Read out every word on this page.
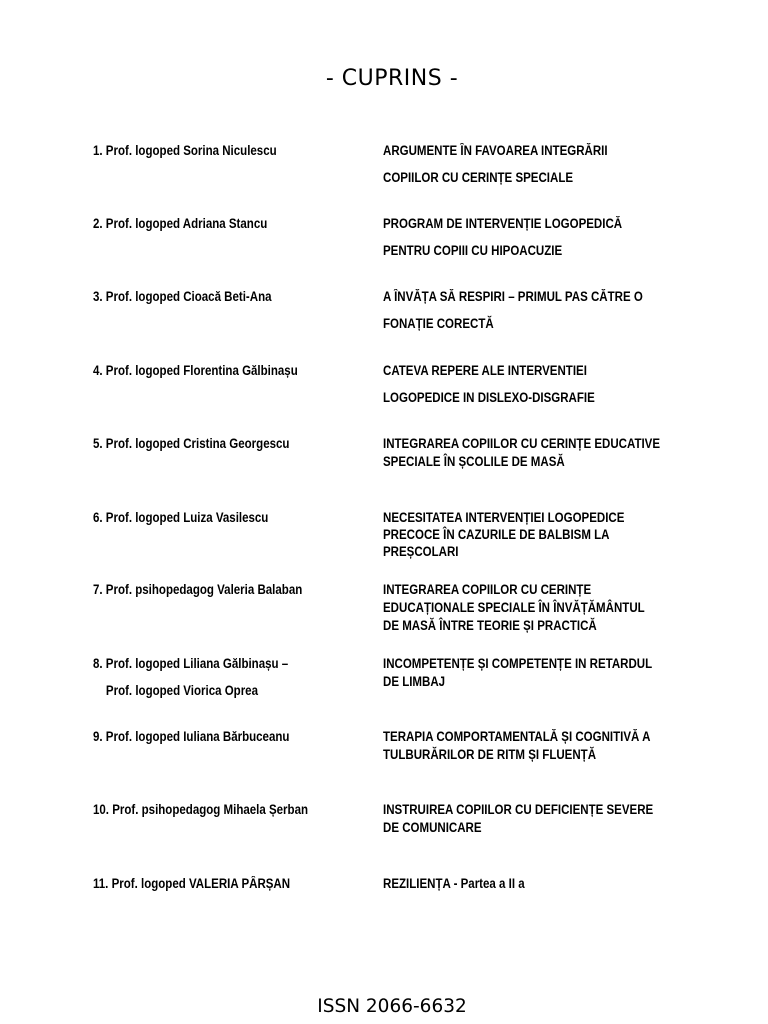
- CUPRINS -
1. Prof. logoped Sorina Niculescu	ARGUMENTE ÎN FAVOAREA INTEGRĂRII
COPIILOR CU CERINȚE SPECIALE
2. Prof. logoped Adriana Stancu	PROGRAM DE INTERVENȚIE LOGOPEDICĂ
PENTRU COPIII CU HIPOACUZIE
3. Prof. logoped Cioacă Beti-Ana	A ÎNVĂȚA SĂ RESPIRI – PRIMUL PAS CĂTRE O
FONAȚIE CORECTĂ
4. Prof. logoped Florentina Gălbinașu	CATEVA REPERE ALE INTERVENTIEI
LOGOPEDICE IN DISLEXO-DISGRAFIE
5. Prof. logoped Cristina Georgescu	INTEGRAREA COPIILOR CU CERINȚE EDUCATIVE
SPECIALE ÎN ȘCOLILE DE MASĂ
6. Prof. logoped Luiza Vasilescu	NECESITATEA INTERVENȚIEI LOGOPEDICE
PRECOCE ÎN CAZURILE DE BALBISM LA
PREȘCOLARI
7. Prof. psihopedagog Valeria Balaban	INTEGRAREA COPIILOR CU CERINȚE
EDUCAȚIONALE SPECIALE ÎN ÎNVĂȚĂMÂNTUL
DE MASĂ ÎNTRE TEORIE ȘI PRACTICĂ
8. Prof. logoped Liliana Gălbinașu –
Prof. logoped Viorica Oprea
INCOMPETENȚE ȘI COMPETENȚE IN RETARDUL
DE LIMBAJ
9. Prof. logoped Iuliana Bărbuceanu	TERAPIA COMPORTAMENTALĂ ȘI COGNITIVĂ A
TULBURĂRILOR DE RITM ȘI FLUENȚĂ
10. Prof. psihopedagog Mihaela Șerban	INSTRUIREA COPIILOR CU DEFICIENȚE SEVERE
DE COMUNICARE
11. Prof. logoped VALERIA PÂRȘAN	REZILIENȚA - Partea a II a
ISSN 2066-6632
